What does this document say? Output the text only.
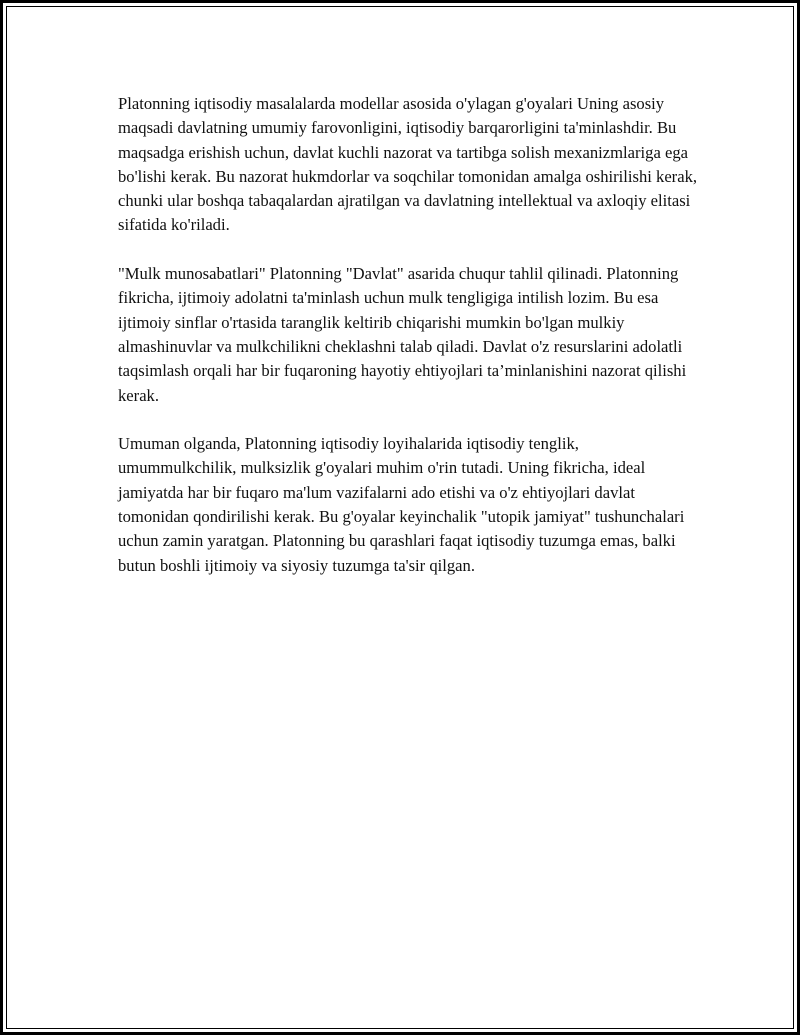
Platonning iqtisodiy masalalarda modellar asosida o'ylagan g'oyalari Uning asosiy maqsadi davlatning umumiy farovonligini, iqtisodiy barqarorligini ta'minlashdir. Bu maqsadga erishish uchun, davlat kuchli nazorat va tartibga solish mexanizmlariga ega bo'lishi kerak. Bu nazorat hukmdorlar va soqchilar tomonidan amalga oshirilishi kerak, chunki ular boshqa tabaqalardan ajratilgan va davlatning intellektual va axloqiy elitasi sifatida ko'riladi.

"Mulk munosabatlari" Platonning "Davlat" asarida chuqur tahlil qilinadi. Platonning fikricha, ijtimoiy adolatni ta'minlash uchun mulk tengligiga intilish lozim. Bu esa ijtimoiy sinflar o'rtasida taranglik keltirib chiqarishi mumkin bo'lgan mulkiy almashinuvlar va mulkchilikni cheklashni talab qiladi. Davlat o'z resurslarini adolatli taqsimlash orqali har bir fuqaroning hayotiy ehtiyojlari ta’minlanishini nazorat qilishi kerak.

Umuman olganda, Platonning iqtisodiy loyihalarida iqtisodiy tenglik, umummulkchilik, mulksizlik g'oyalari muhim o'rin tutadi. Uning fikricha, ideal jamiyatda har bir fuqaro ma'lum vazifalarni ado etishi va o'z ehtiyojlari davlat tomonidan qondirilishi kerak. Bu g'oyalar keyinchalik "utopik jamiyat" tushunchalari uchun zamin yaratgan. Platonning bu qarashlari faqat iqtisodiy tuzumga emas, balki butun boshli ijtimoiy va siyosiy tuzumga ta'sir qilgan.
